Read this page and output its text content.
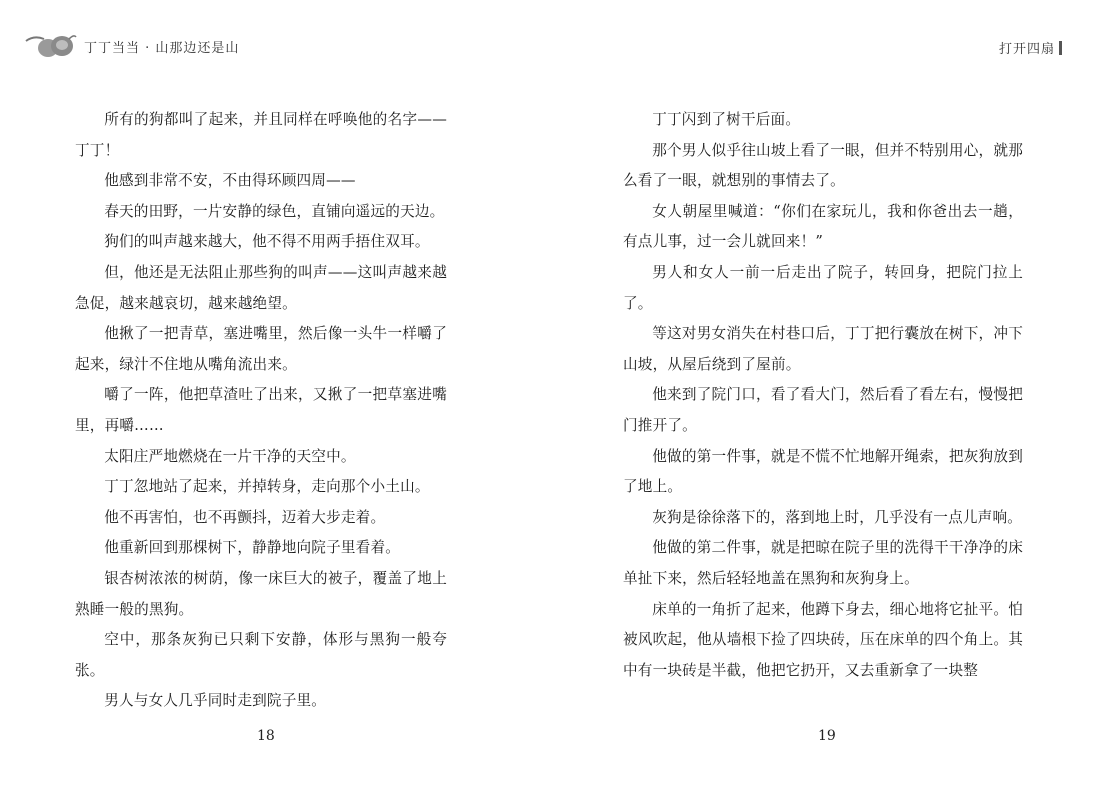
丁丁当当 · 山那边还是山	打开四扇

所有的狗都叫了起来，并且同样在呼唤他的名字——丁丁！

他感到非常不安，不由得环顾四周——

春天的田野，一片安静的绿色，直铺向遥远的天边。

狗们的叫声越来越大，他不得不用两手捂住双耳。

但，他还是无法阻止那些狗的叫声——这叫声越来越急促，越来越哀切，越来越绝望。

他揪了一把青草，塞进嘴里，然后像一头牛一样嚼了起来，绿汁不住地从嘴角流出来。

嚼了一阵，他把草渣吐了出来，又揪了一把草塞进嘴里，再嚼……

太阳庄严地燃烧在一片干净的天空中。

丁丁忽地站了起来，并掉转身，走向那个小土山。

他不再害怕，也不再颤抖，迈着大步走着。

他重新回到那棵树下，静静地向院子里看着。

银杏树浓浓的树荫，像一床巨大的被子，覆盖了地上熟睡一般的黑狗。

空中，那条灰狗已只剩下安静，体形与黑狗一般夸张。

男人与女人几乎同时走到院子里。

丁丁闪到了树干后面。

那个男人似乎往山坡上看了一眼，但并不特别用心，就那么看了一眼，就想别的事情去了。

女人朝屋里喊道：“你们在家玩儿，我和你爸出去一趟，有点儿事，过一会儿就回来！”

男人和女人一前一后走出了院子，转回身，把院门拉上了。

等这对男女消失在村巷口后，丁丁把行囊放在树下，冲下山坡，从屋后绕到了屋前。

他来到了院门口，看了看大门，然后看了看左右，慢慢把门推开了。

他做的第一件事，就是不慌不忙地解开绳索，把灰狗放到了地上。

灰狗是徐徐落下的，落到地上时，几乎没有一点儿声响。

他做的第二件事，就是把晾在院子里的洗得干干净净的床单扯下来，然后轻轻地盖在黑狗和灰狗身上。

床单的一角折了起来，他蹲下身去，细心地将它扯平。怕被风吹起，他从墙根下捡了四块砖，压在床单的四个角上。其中有一块砖是半截，他把它扔开，又去重新拿了一块整

18	19
